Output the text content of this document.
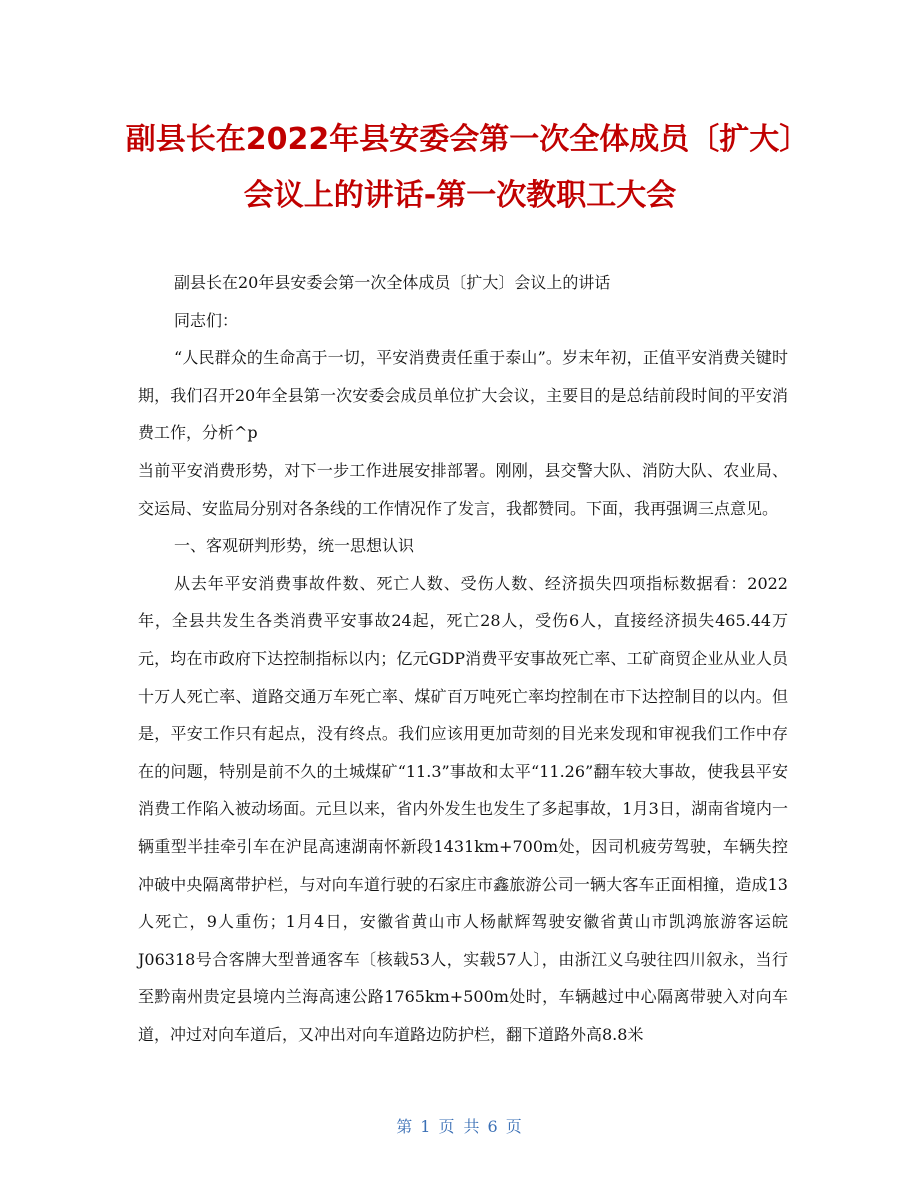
副县长在2022年县安委会第一次全体成员〔扩大〕会议上的讲话-第一次教职工大会

副县长在20年县安委会第一次全体成员〔扩大〕会议上的讲话

同志们：

“人民群众的生命高于一切，平安消费责任重于泰山”。岁末年初，正值平安消费关键时期，我们召开20年全县第一次安委会成员单位扩大会议，主要目的是总结前段时间的平安消费工作，分析^p

当前平安消费形势，对下一步工作进展安排部署。刚刚，县交警大队、消防大队、农业局、交运局、安监局分别对各条线的工作情况作了发言，我都赞同。下面，我再强调三点意见。

一、客观研判形势，统一思想认识

从去年平安消费事故件数、死亡人数、受伤人数、经济损失四项指标数据看：2022年，全县共发生各类消费平安事故24起，死亡28人，受伤6人，直接经济损失465.44万元，均在市政府下达控制指标以内；亿元GDP消费平安事故死亡率、工矿商贸企业从业人员十万人死亡率、道路交通万车死亡率、煤矿百万吨死亡率均控制在市下达控制目的以内。但是，平安工作只有起点，没有终点。我们应该用更加苛刻的目光来发现和审视我们工作中存在的问题，特别是前不久的土城煤矿“11.3”事故和太平“11.26”翻车较大事故，使我县平安消费工作陷入被动场面。元旦以来，省内外发生也发生了多起事故，1月3日，湖南省境内一辆重型半挂牵引车在沪昆高速湖南怀新段1431km+700m处，因司机疲劳驾驶，车辆失控冲破中央隔离带护栏，与对向车道行驶的石家庄市鑫旅游公司一辆大客车正面相撞，造成13人死亡，9人重伤；1月4日，安徽省黄山市人杨献辉驾驶安徽省黄山市凯鸿旅游客运皖J06318号合客牌大型普通客车〔核载53人，实载57人〕，由浙江义乌驶往四川叙永，当行至黔南州贵定县境内兰海高速公路1765km+500m处时，车辆越过中心隔离带驶入对向车道，冲过对向车道后，又冲出对向车道路边防护栏，翻下道路外高8.8米

第 1 页 共 6 页
